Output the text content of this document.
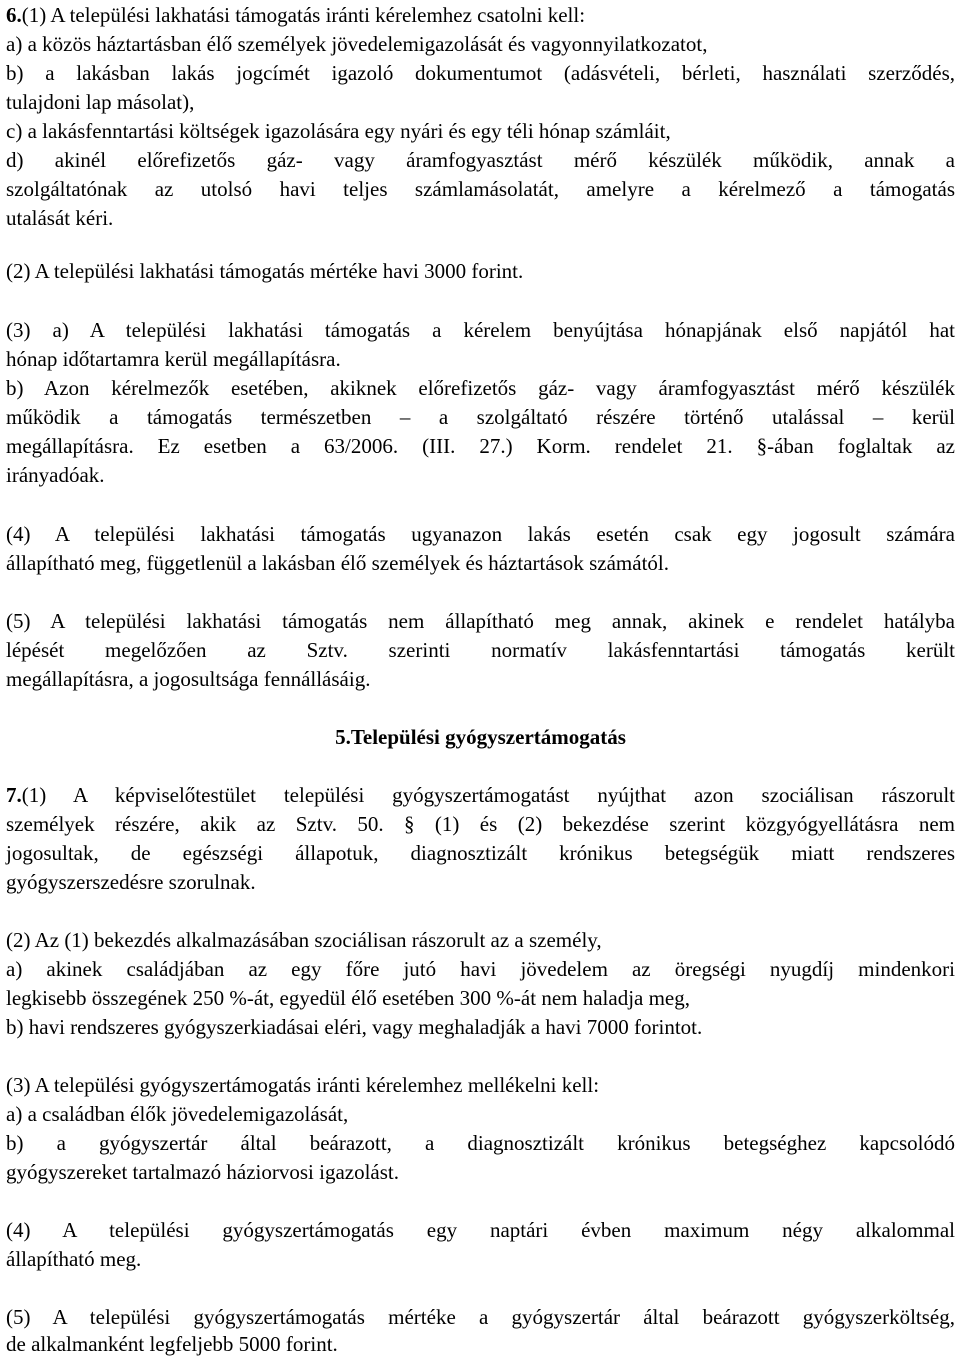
6.(1) A települési lakhatási támogatás iránti kérelemhez csatolni kell:
a) a közös háztartásban élő személyek jövedelemigazolását és vagyonnyilatkozatot,
b) a lakásban lakás jogcímét igazoló dokumentumot (adásvételi, bérleti, használati szerződés,
tulajdoni lap másolat),
c) a lakásfenntartási költségek igazolására egy nyári és egy téli hónap számláit,
d) akinél előrefizetős gáz- vagy áramfogyasztást mérő készülék működik, annak a
szolgáltatónak az utolsó havi teljes számlamásolatát, amelyre a kérelmező a támogatás
utalását kéri.
(2) A települési lakhatási támogatás mértéke havi 3000 forint.
(3) a) A települési lakhatási támogatás a kérelem benyújtása hónapjának első napjától hat
hónap időtartamra kerül megállapításra.
b) Azon kérelmezők esetében, akiknek előrefizetős gáz- vagy áramfogyasztást mérő készülék
működik a támogatás természetben – a szolgáltató részére történő utalással – kerül
megállapításra. Ez esetben a 63/2006. (III. 27.) Korm. rendelet 21. §-ában foglaltak az
irányadóak.
(4) A települési lakhatási támogatás ugyanazon lakás esetén csak egy jogosult számára
állapítható meg, függetlenül a lakásban élő személyek és háztartások számától.
(5) A települési lakhatási támogatás nem állapítható meg annak, akinek e rendelet hatályba
lépését megelőzően az Sztv. szerinti normatív lakásfenntartási támogatás került
megállapításra, a jogosultsága fennállásáig.
5.Települési gyógyszertámogatás
7.(1) A képviselőtestület települési gyógyszertámogatást nyújthat azon szociálisan rászorult
személyek részére, akik az Sztv. 50. § (1) és (2) bekezdése szerint közgyógyellátásra nem
jogosultak, de egészségi állapotuk, diagnosztizált krónikus betegségük miatt rendszeres
gyógyszerszedésre szorulnak.
(2) Az (1) bekezdés alkalmazásában szociálisan rászorult az a személy,
a) akinek családjában az egy főre jutó havi jövedelem az öregségi nyugdíj mindenkori
legkisebb összegének 250 %-át, egyedül élő esetében 300 %-át nem haladja meg,
b) havi rendszeres gyógyszerkiadásai eléri, vagy meghaladják a havi 7000 forintot.
(3) A települési gyógyszertámogatás iránti kérelemhez mellékelni kell:
a) a családban élők jövedelemigazolását,
b) a gyógyszertár által beárazott, a diagnosztizált krónikus betegséghez kapcsolódó
gyógyszereket tartalmazó háziorvosi igazolást.
(4) A települési gyógyszertámogatás egy naptári évben maximum négy alkalommal
állapítható meg.
(5) A települési gyógyszertámogatás mértéke a gyógyszertár által beárazott gyógyszerköltség,
de alkalmanként legfeljebb 5000 forint.
